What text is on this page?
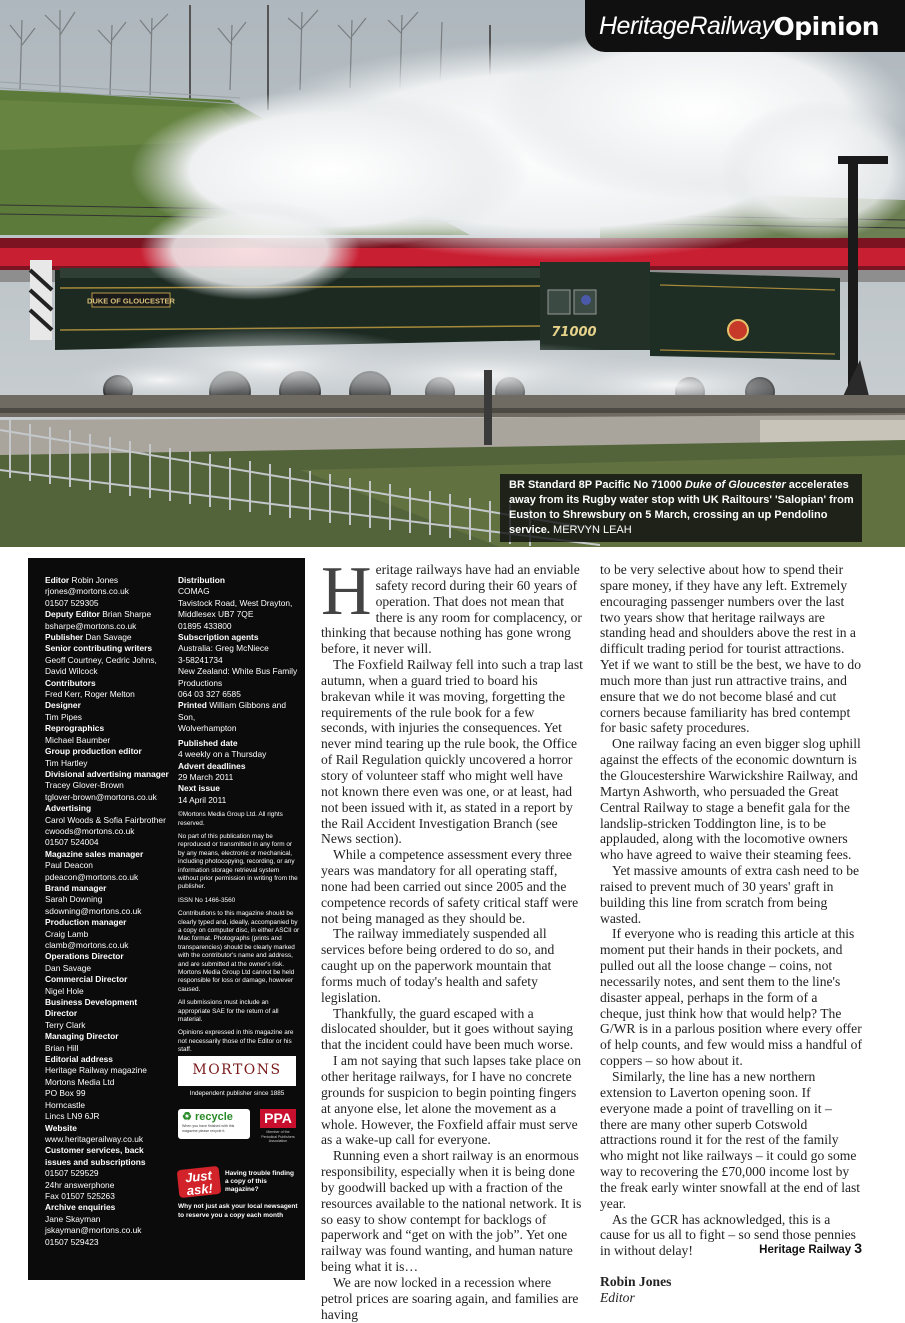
DUKE OF GLOUCESTER
71000
HeritageRailway Opinion
BR Standard 8P Pacific No 71000 Duke of Gloucester accelerates away from its Rugby water stop with UK Railtours' 'Salopian' from Euston to Shrewsbury on 5 March, crossing an up Pendolino service. MERVYN LEAH
Editor Robin Jones
rjones@mortons.co.uk
01507 529305
Deputy Editor Brian Sharpe
bsharpe@mortons.co.uk
Publisher Dan Savage
Senior contributing writers
Geoff Courtney, Cedric Johns,
David Wilcock
Contributors
Fred Kerr, Roger Melton
Designer
Tim Pipes
Reprographics
Michael Baumber
Group production editor
Tim Hartley
Divisional advertising manager
Tracey Glover-Brown
tglover-brown@mortons.co.uk
Advertising
Carol Woods & Sofia Fairbrother
cwoods@mortons.co.uk
01507 524004
Magazine sales manager
Paul Deacon
pdeacon@mortons.co.uk
Brand manager
Sarah Downing
sdowning@mortons.co.uk
Production manager
Craig Lamb
clamb@mortons.co.uk
Operations Director
Dan Savage
Commercial Director
Nigel Hole
Business Development Director
Terry Clark
Managing Director
Brian Hill
Editorial address
Heritage Railway magazine
Mortons Media Ltd
PO Box 99
Horncastle
Lincs LN9 6JR
Website
www.heritagerailway.co.uk
Customer services, back issues and subscriptions
01507 529529
24hr answerphone
Fax 01507 525263
Archive enquiries
Jane Skayman
jskayman@mortons.co.uk
01507 529423
Distribution
COMAG
Tavistock Road, West Drayton,
Middlesex UB7 7QE
01895 433800
Subscription agents
Australia: Greg McNiece
3-58241734
New Zealand: White Bus Family
Productions
064 03 327 6585
Printed William Gibbons and Son,
Wolverhampton
Published date
4 weekly on a Thursday
Advert deadlines
29 March 2011
Next issue
14 April 2011
©Mortons Media Group Ltd. All rights reserved.
No part of this publication may be reproduced or transmitted in any form or by any means, electronic or mechanical, including photocopying, recording, or any information storage retrieval system without prior permission in writing from the publisher.
ISSN No 1466-3560
Contributions to this magazine should be clearly typed and, ideally, accompanied by a copy on computer disc, in either ASCII or Mac format. Photographs (prints and transparencies) should be clearly marked with the contributor's name and address, and are submitted at the owner's risk. Mortons Media Group Ltd cannot be held responsible for loss or damage, however caused.
All submissions must include an appropriate SAE for the return of all material.
Opinions expressed in this magazine are not necessarily those of the Editor or his staff.
MORTONS
Independent publisher since 1885
♻ recycle
When you have finished with this magazine please recycle it.
PPA
Member of the Periodical Publishers Association
Just ask!
Having trouble finding a copy of this magazine?
Why not just ask your local newsagent to reserve you a copy each month
H eritage railways have had an enviable safety record during their 60 years of operation. That does not mean that there is any room for complacency, or thinking that because nothing has gone wrong before, it never will.

The Foxfield Railway fell into such a trap last autumn, when a guard tried to board his brakevan while it was moving, forgetting the requirements of the rule book for a few seconds, with injuries the consequences. Yet never mind tearing up the rule book, the Office of Rail Regulation quickly uncovered a horror story of volunteer staff who might well have not known there even was one, or at least, had not been issued with it, as stated in a report by the Rail Accident Investigation Branch (see News section).

While a competence assessment every three years was mandatory for all operating staff, none had been carried out since 2005 and the competence records of safety critical staff were not being managed as they should be.

The railway immediately suspended all services before being ordered to do so, and caught up on the paperwork mountain that forms much of today's health and safety legislation.

Thankfully, the guard escaped with a dislocated shoulder, but it goes without saying that the incident could have been much worse.

I am not saying that such lapses take place on other heritage railways, for I have no concrete grounds for suspicion to begin pointing fingers at anyone else, let alone the movement as a whole. However, the Foxfield affair must serve as a wake-up call for everyone.

Running even a short railway is an enormous responsibility, especially when it is being done by goodwill backed up with a fraction of the resources available to the national network. It is so easy to show contempt for backlogs of paperwork and “get on with the job”. Yet one railway was found wanting, and human nature being what it is…

We are now locked in a recession where petrol prices are soaring again, and families are having

to be very selective about how to spend their spare money, if they have any left. Extremely encouraging passenger numbers over the last two years show that heritage railways are standing head and shoulders above the rest in a difficult trading period for tourist attractions. Yet if we want to still be the best, we have to do much more than just run attractive trains, and ensure that we do not become blasé and cut corners because familiarity has bred contempt for basic safety procedures.

One railway facing an even bigger slog uphill against the effects of the economic downturn is the Gloucestershire Warwickshire Railway, and Martyn Ashworth, who persuaded the Great Central Railway to stage a benefit gala for the landslip-stricken Toddington line, is to be applauded, along with the locomotive owners who have agreed to waive their steaming fees.

Yet massive amounts of extra cash need to be raised to prevent much of 30 years' graft in building this line from scratch from being wasted.

If everyone who is reading this article at this moment put their hands in their pockets, and pulled out all the loose change – coins, not necessarily notes, and sent them to the line's disaster appeal, perhaps in the form of a cheque, just think how that would help? The G/WR is in a parlous position where every offer of help counts, and few would miss a handful of coppers – so how about it.

Similarly, the line has a new northern extension to Laverton opening soon. If everyone made a point of travelling on it – there are many other superb Cotswold attractions round it for the rest of the family who might not like railways – it could go some way to recovering the £70,000 income lost by the freak early winter snowfall at the end of last year.

As the GCR has acknowledged, this is a cause for us all to fight – so send those pennies in without delay!

Robin Jones
Editor
Heritage Railway 3
